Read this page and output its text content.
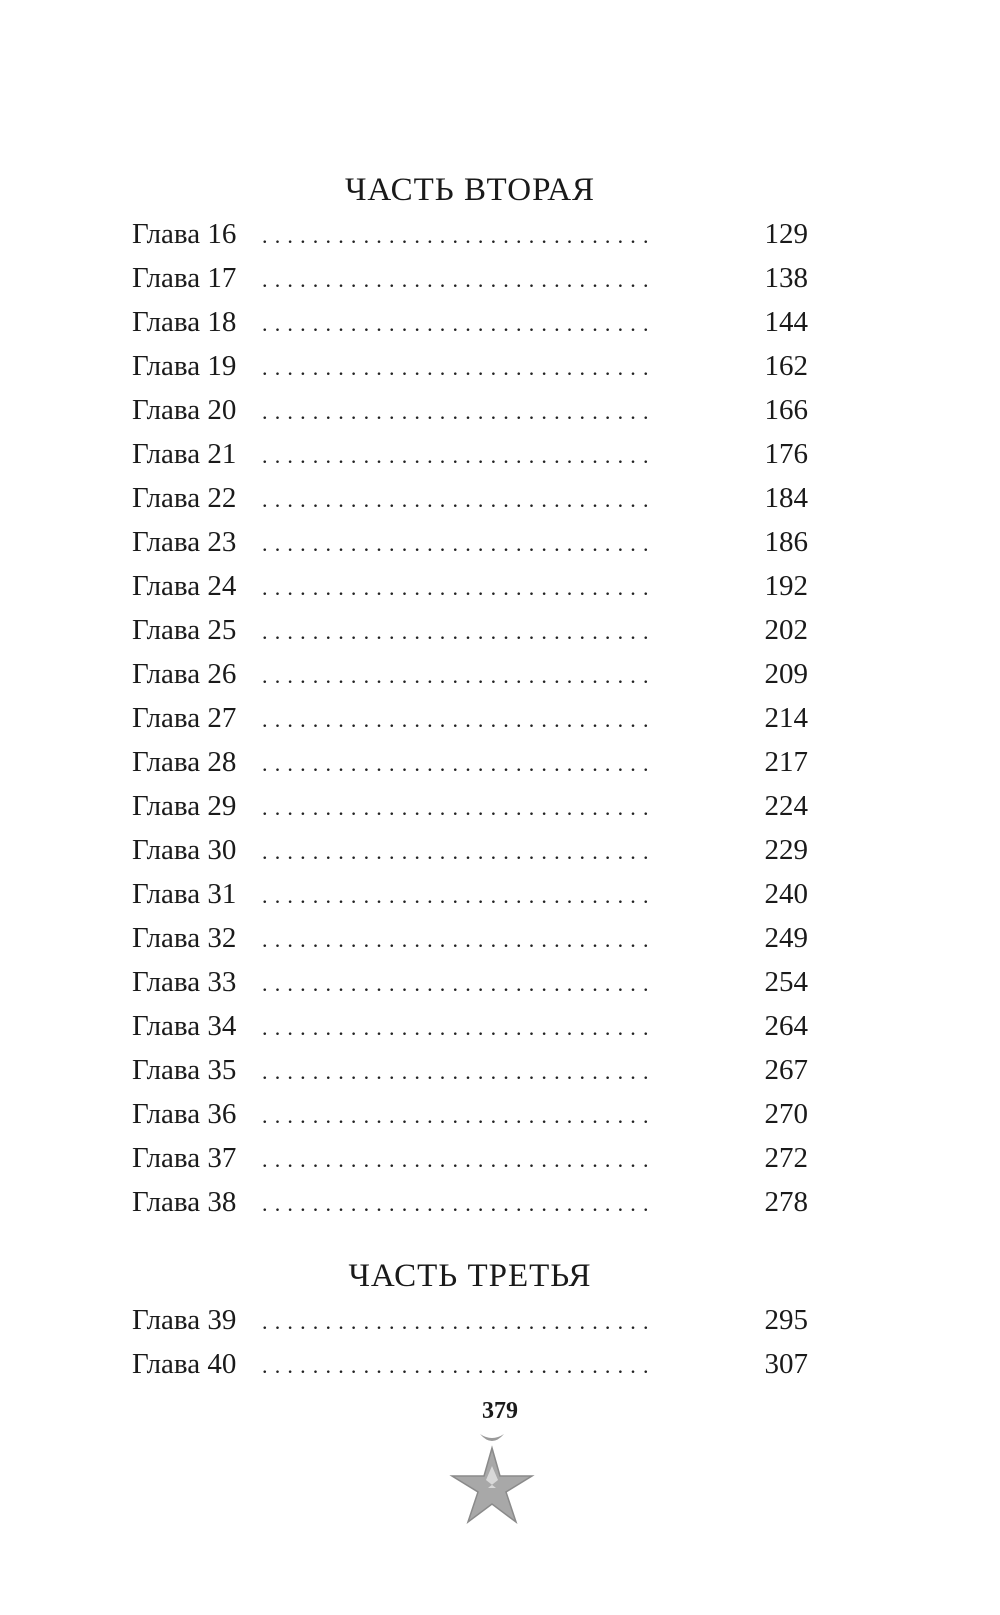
ЧАСТЬ ВТОРАЯ
Глава 16	...............................	129
Глава 17	...............................	138
Глава 18	...............................	144
Глава 19	...............................	162
Глава 20	...............................	166
Глава 21	...............................	176
Глава 22	...............................	184
Глава 23	...............................	186
Глава 24	...............................	192
Глава 25	...............................	202
Глава 26	...............................	209
Глава 27	...............................	214
Глава 28	...............................	217
Глава 29	...............................	224
Глава 30	...............................	229
Глава 31	...............................	240
Глава 32	...............................	249
Глава 33	...............................	254
Глава 34	...............................	264
Глава 35	...............................	267
Глава 36	...............................	270
Глава 37	...............................	272
Глава 38	...............................	278
ЧАСТЬ ТРЕТЬЯ
Глава 39	...............................	295
Глава 40	...............................	307
379
